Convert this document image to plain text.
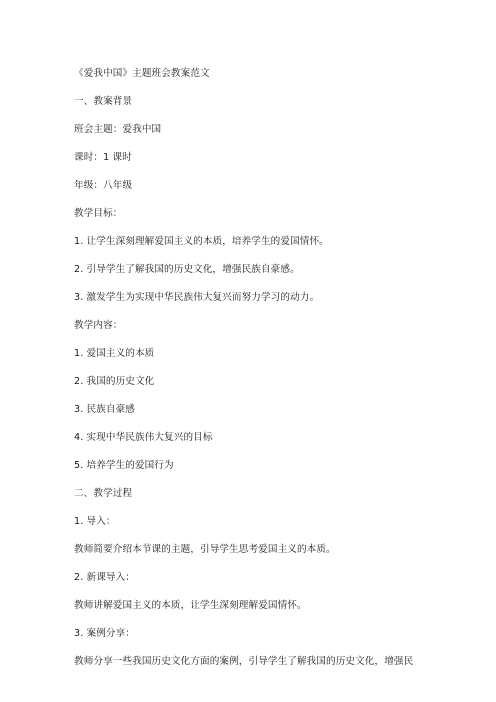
《爱我中国》主题班会教案范文
一、教案背景
班会主题：爱我中国
课时：1 课时
年级：八年级
教学目标：
1. 让学生深刻理解爱国主义的本质，培养学生的爱国情怀。
2. 引导学生了解我国的历史文化，增强民族自豪感。
3. 激发学生为实现中华民族伟大复兴而努力学习的动力。
教学内容：
1. 爱国主义的本质
2. 我国的历史文化
3. 民族自豪感
4. 实现中华民族伟大复兴的目标
5. 培养学生的爱国行为
二、教学过程
1. 导入：
教师简要介绍本节课的主题，引导学生思考爱国主义的本质。
2. 新课导入：
教师讲解爱国主义的本质，让学生深刻理解爱国情怀。
3. 案例分享：
教师分享一些我国历史文化方面的案例，引导学生了解我国的历史文化，增强民
